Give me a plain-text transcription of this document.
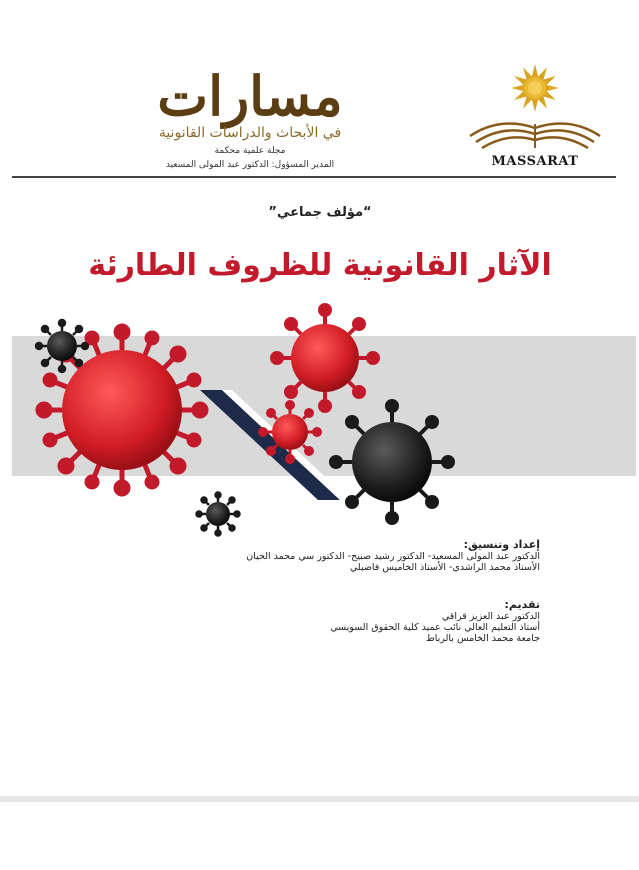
MASSARAT
مسارات
في الأبحاث والدراسات القانونية
مجلة علمية محكمة
المدير المسؤول: الدكتور عبد المولى المسعيد
“مؤلف جماعي”
الآثار القانونية للظروف الطارئة
إعداد وتنسيق:
الدكتور عبد المولى المسعيد- الدكتور رشيد صبيح- الدكتور سي محمد الحيان
الأستاذ محمد الراشدي- الأستاذ الخاميس فاضيلي
تقديم:
الدكتور عبد العزيز قراقي
أستاذ التعليم العالي نائب عميد كلية الحقوق السويسي
جامعة محمد الخامس بالرباط
